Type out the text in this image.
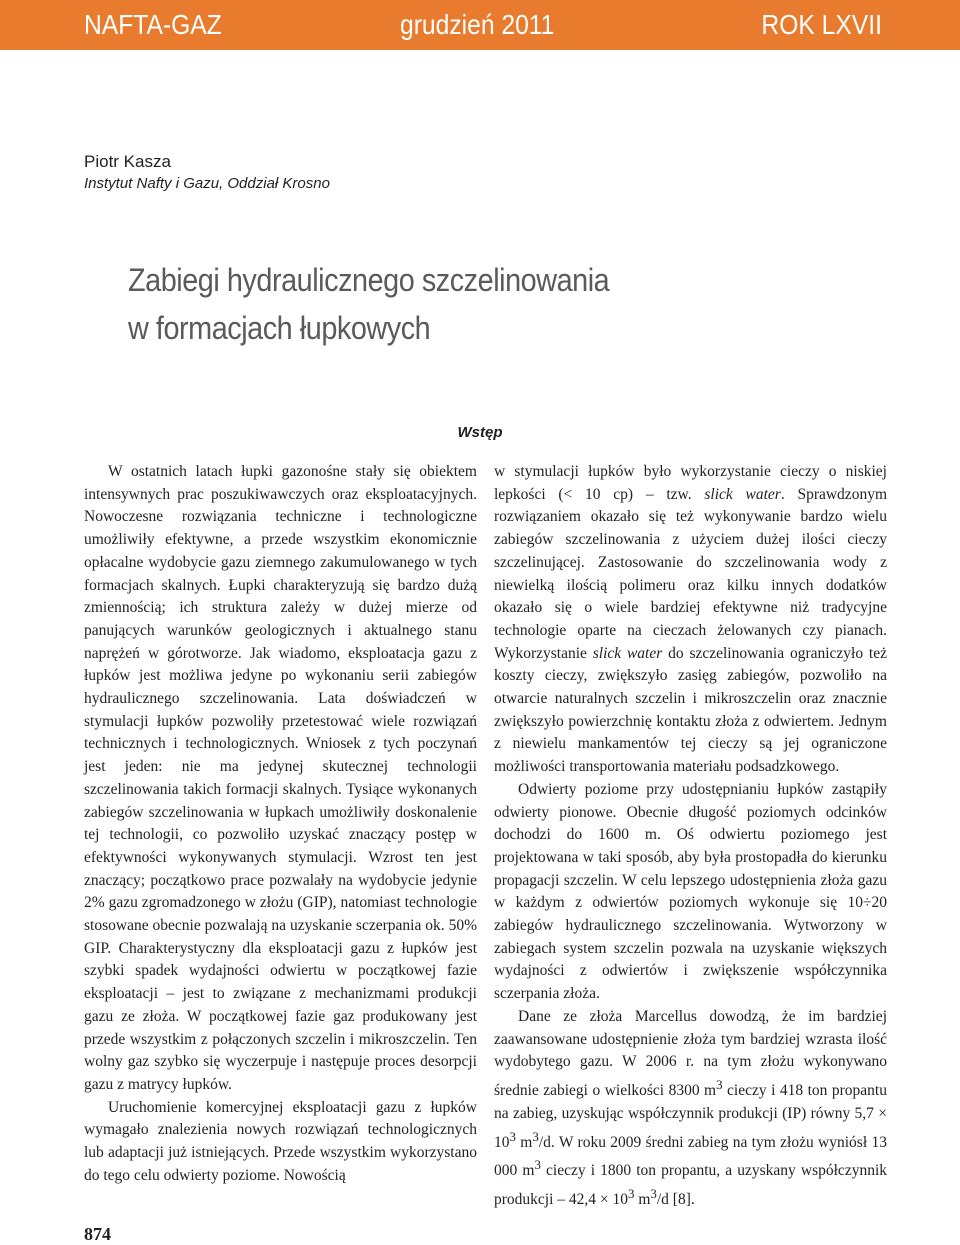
NAFTA-GAZ	grudzień 2011	ROK LXVII
Piotr Kasza
Instytut Nafty i Gazu, Oddział Krosno
Zabiegi hydraulicznego szczelinowania
w formacjach łupkowych
Wstęp

W ostatnich latach łupki gazonośne stały się obiektem intensywnych prac poszukiwawczych oraz eksploatacyjnych. Nowoczesne rozwiązania techniczne i technologiczne umożliwiły efektywne, a przede wszystkim ekonomicznie opłacalne wydobycie gazu ziemnego zakumulowanego w tych formacjach skalnych. Łupki charakteryzują się bardzo dużą zmiennością; ich struktura zależy w dużej mierze od panujących warunków geologicznych i aktualnego stanu naprężeń w górotworze. Jak wiadomo, eksploatacja gazu z łupków jest możliwa jedyne po wykonaniu serii zabiegów hydraulicznego szczelinowania. Lata doświadczeń w stymulacji łupków pozwoliły przetestować wiele rozwiązań technicznych i technologicznych. Wniosek z tych poczynań jest jeden: nie ma jedynej skutecznej technologii szczelinowania takich formacji skalnych. Tysiące wykonanych zabiegów szczelinowania w łupkach umożliwiły doskonalenie tej technologii, co pozwoliło uzyskać znaczący postęp w efektywności wykonywanych stymulacji. Wzrost ten jest znaczący; początkowo prace pozwalały na wydobycie jedynie 2% gazu zgromadzonego w złożu (GIP), natomiast technologie stosowane obecnie pozwalają na uzyskanie sczerpania ok. 50% GIP. Charakterystyczny dla eksploatacji gazu z łupków jest szybki spadek wydajności odwiertu w początkowej fazie eksploatacji – jest to związane z mechanizmami produkcji gazu ze złoża. W początkowej fazie gaz produkowany jest przede wszystkim z połączonych szczelin i mikroszczelin. Ten wolny gaz szybko się wyczerpuje i następuje proces desorpcji gazu z matrycy łupków.

Uruchomienie komercyjnej eksploatacji gazu z łupków wymagało znalezienia nowych rozwiązań technologicznych lub adaptacji już istniejących. Przede wszystkim wykorzystano do tego celu odwierty poziome. Nowością

w stymulacji łupków było wykorzystanie cieczy o niskiej lepkości (< 10 cp) – tzw. slick water. Sprawdzonym rozwiązaniem okazało się też wykonywanie bardzo wielu zabiegów szczelinowania z użyciem dużej ilości cieczy szczelinującej. Zastosowanie do szczelinowania wody z niewielką ilością polimeru oraz kilku innych dodatków okazało się o wiele bardziej efektywne niż tradycyjne technologie oparte na cieczach żelowanych czy pianach. Wykorzystanie slick water do szczelinowania ograniczyło też koszty cieczy, zwiększyło zasięg zabiegów, pozwoliło na otwarcie naturalnych szczelin i mikroszczelin oraz znacznie zwiększyło powierzchnię kontaktu złoża z odwiertem. Jednym z niewielu mankamentów tej cieczy są jej ograniczone możliwości transportowania materiału podsadzkowego.

Odwierty poziome przy udostępnianiu łupków zastąpiły odwierty pionowe. Obecnie długość poziomych odcinków dochodzi do 1600 m. Oś odwiertu poziomego jest projektowana w taki sposób, aby była prostopadła do kierunku propagacji szczelin. W celu lepszego udostępnienia złoża gazu w każdym z odwiertów poziomych wykonuje się 10÷20 zabiegów hydraulicznego szczelinowania. Wytworzony w zabiegach system szczelin pozwala na uzyskanie większych wydajności z odwiertów i zwiększenie współczynnika sczerpania złoża.

Dane ze złoża Marcellus dowodzą, że im bardziej zaawansowane udostępnienie złoża tym bardziej wzrasta ilość wydobytego gazu. W 2006 r. na tym złożu wykonywano średnie zabiegi o wielkości 8300 $m^3$ cieczy i 418 ton propantu na zabieg, uzyskując współczynnik produkcji (IP) równy $5,7 \times 10^3$ $m^3/d$. W roku 2009 średni zabieg na tym złożu wyniósł 13 000 $m^3$ cieczy i 1800 ton propantu, a uzyskany współczynnik produkcji – $42,4 \times 10^3$ $m^3/d$ [8].

874
